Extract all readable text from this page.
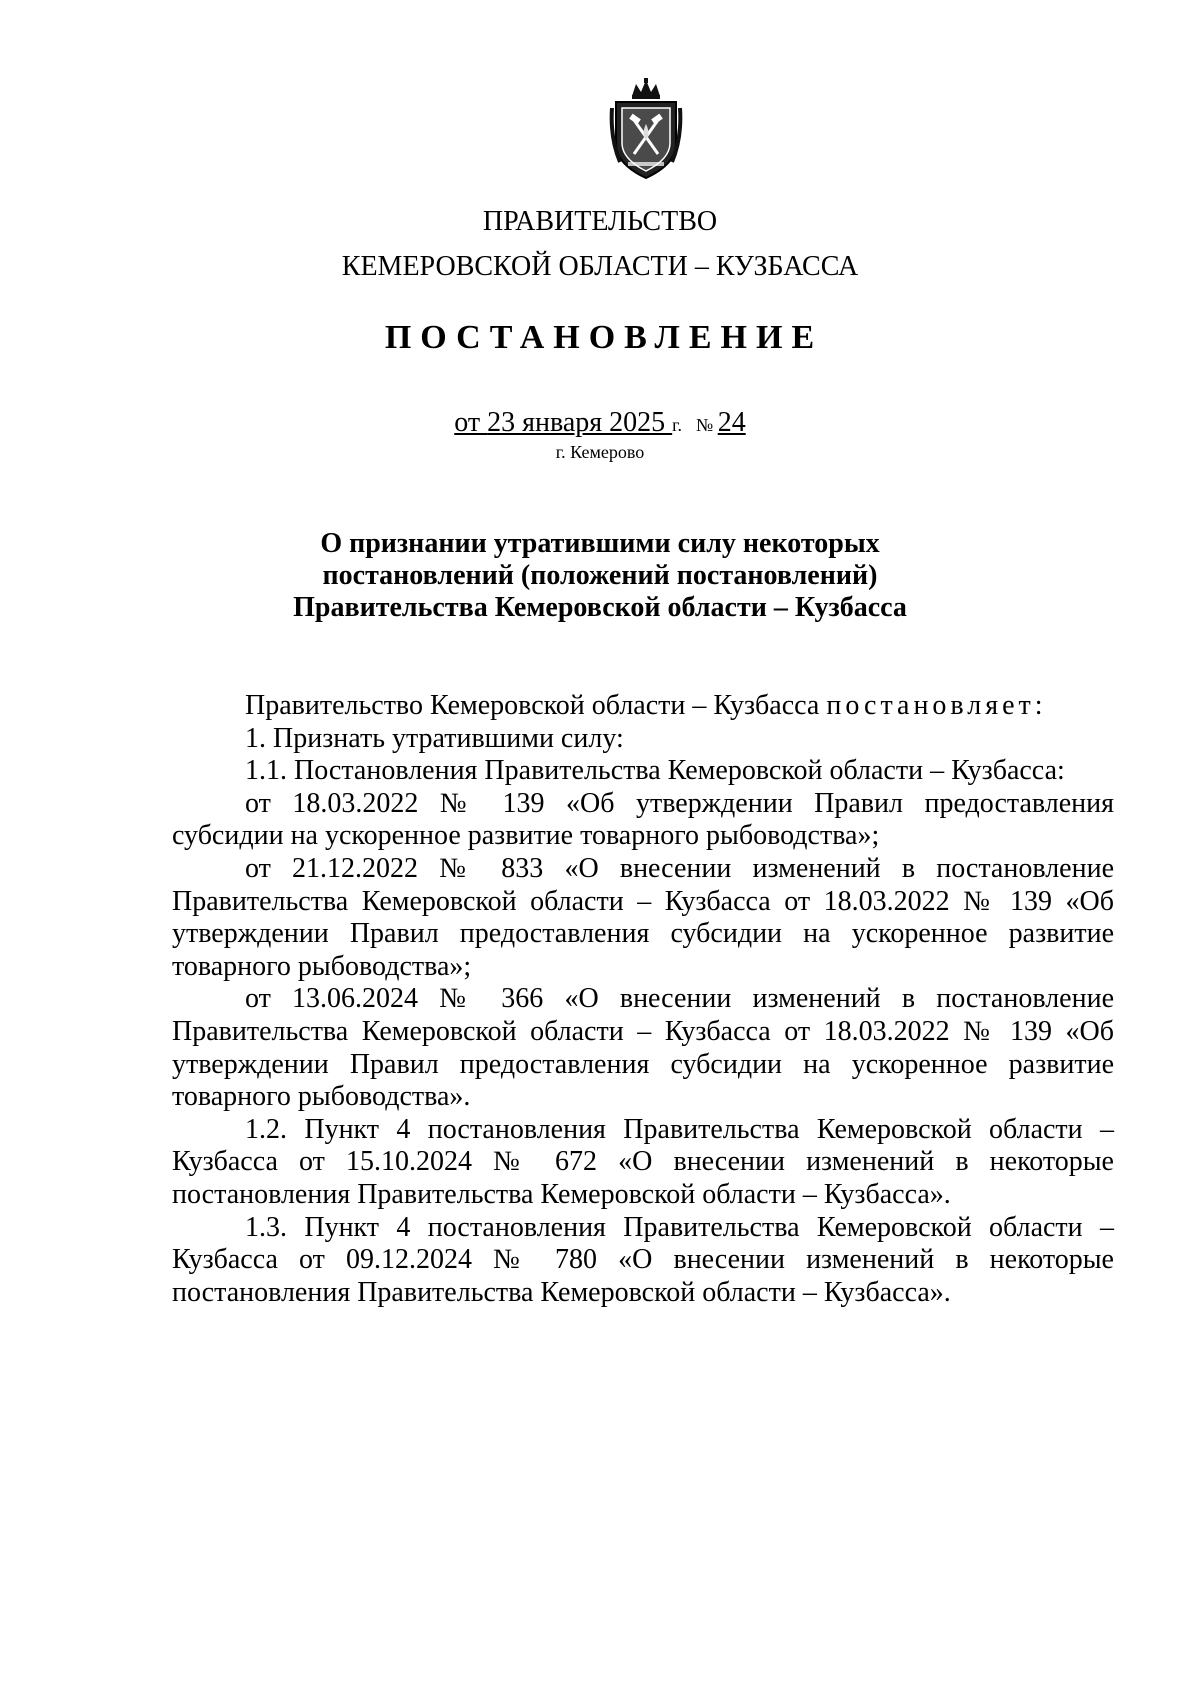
ПРАВИТЕЛЬСТВО
КЕМЕРОВСКОЙ ОБЛАСТИ – КУЗБАССА
ПОСТАНОВЛЕНИЕ
от 23 января 2025 г. № 24
г. Кемерово
О признании утратившими силу некоторых
постановлений (положений постановлений)
Правительства Кемеровской области – Кузбасса

Правительство Кемеровской области – Кузбасса постановляет:

1. Признать утратившими силу:

1.1. Постановления Правительства Кемеровской области – Кузбасса:

от 18.03.2022 № 139 «Об утверждении Правил предоставления субсидии на ускоренное развитие товарного рыбоводства»;

от 21.12.2022 № 833 «О внесении изменений в постановление Правительства Кемеровской области – Кузбасса от 18.03.2022 № 139 «Об утверждении Правил предоставления субсидии на ускоренное развитие товарного рыбоводства»;

от 13.06.2024 № 366 «О внесении изменений в постановление Правительства Кемеровской области – Кузбасса от 18.03.2022 № 139 «Об утверждении Правил предоставления субсидии на ускоренное развитие товарного рыбоводства».

1.2. Пункт 4 постановления Правительства Кемеровской области – Кузбасса от 15.10.2024 № 672 «О внесении изменений в некоторые постановления Правительства Кемеровской области – Кузбасса».

1.3. Пункт 4 постановления Правительства Кемеровской области – Кузбасса от 09.12.2024 № 780 «О внесении изменений в некоторые постановления Правительства Кемеровской области – Кузбасса».
